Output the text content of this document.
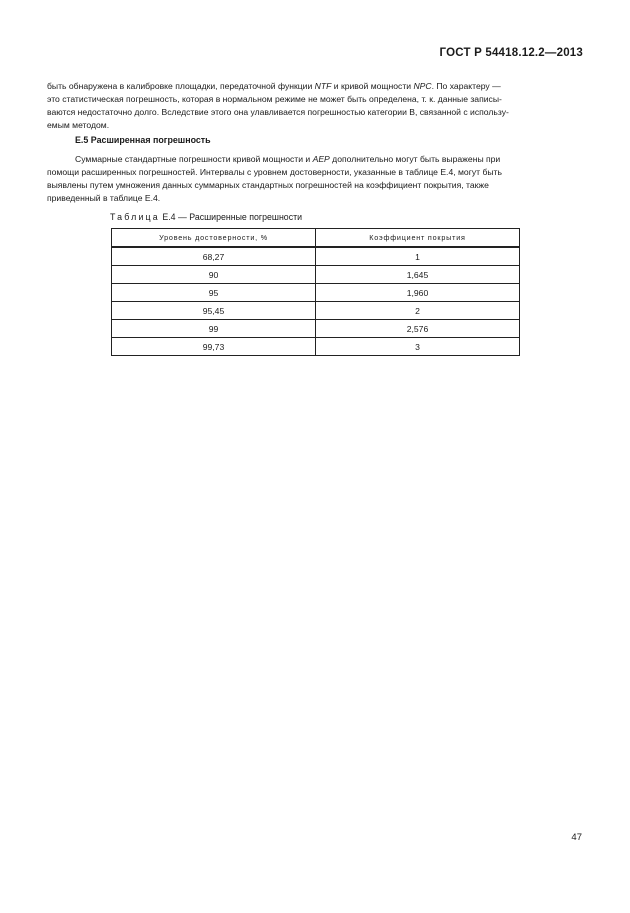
ГОСТ Р 54418.12.2—2013
быть обнаружена в калибровке площадки, передаточной функции NTF и кривой мощности NPC. По характеру —
это статистическая погрешность, которая в нормальном режиме не может быть определена, т. к. данные записы-
ваются недостаточно долго. Вследствие этого она улавливается погрешностью категории В, связанной с использу-
емым методом.
Е.5 Расширенная погрешность
Суммарные стандартные погрешности кривой мощности и АЕР дополнительно могут быть выражены при
помощи расширенных погрешностей. Интервалы с уровнем достоверности, указанные в таблице Е.4, могут быть
выявлены путем умножения данных суммарных стандартных погрешностей на коэффициент покрытия, также
приведенный в таблице Е.4.
Таблица Е.4 — Расширенные погрешности
Уровень достоверности, %	Коэффициент покрытия
68,27	1
90	1,645
95	1,960
95,45	2
99	2,576
99,73	3
47
